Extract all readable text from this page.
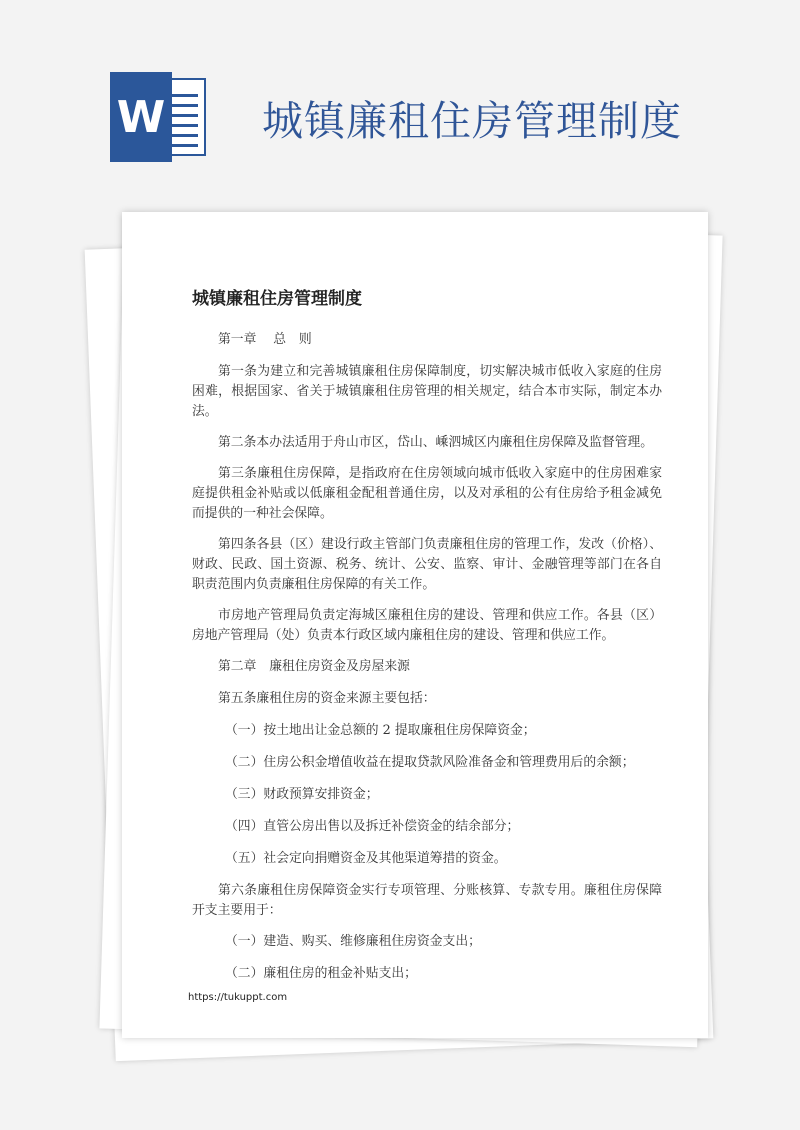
W 城镇廉租住房管理制度
城镇廉租住房管理制度
第一章　 总　则

第一条为建立和完善城镇廉租住房保障制度，切实解决城市低收入家庭的住房困难，根据国家、省关于城镇廉租住房管理的相关规定，结合本市实际，制定本办法。

第二条本办法适用于舟山市区，岱山、嵊泗城区内廉租住房保障及监督管理。

第三条廉租住房保障，是指政府在住房领域向城市低收入家庭中的住房困难家庭提供租金补贴或以低廉租金配租普通住房，以及对承租的公有住房给予租金减免而提供的一种社会保障。

第四条各县（区）建设行政主管部门负责廉租住房的管理工作，发改（价格）、财政、民政、国土资源、税务、统计、公安、监察、审计、金融管理等部门在各自职责范围内负责廉租住房保障的有关工作。

市房地产管理局负责定海城区廉租住房的建设、管理和供应工作。各县（区）房地产管理局（处）负责本行政区域内廉租住房的建设、管理和供应工作。

第二章　廉租住房资金及房屋来源
第五条廉租住房的资金来源主要包括：
（一）按土地出让金总额的 2 提取廉租住房保障资金；
（二）住房公积金增值收益在提取贷款风险准备金和管理费用后的余额；
（三）财政预算安排资金；
（四）直管公房出售以及拆迁补偿资金的结余部分；
（五）社会定向捐赠资金及其他渠道筹措的资金。

第六条廉租住房保障资金实行专项管理、分账核算、专款专用。廉租住房保障开支主要用于：

（一）建造、购买、维修廉租住房资金支出；
（二）廉租住房的租金补贴支出；
https://tukuppt.com
